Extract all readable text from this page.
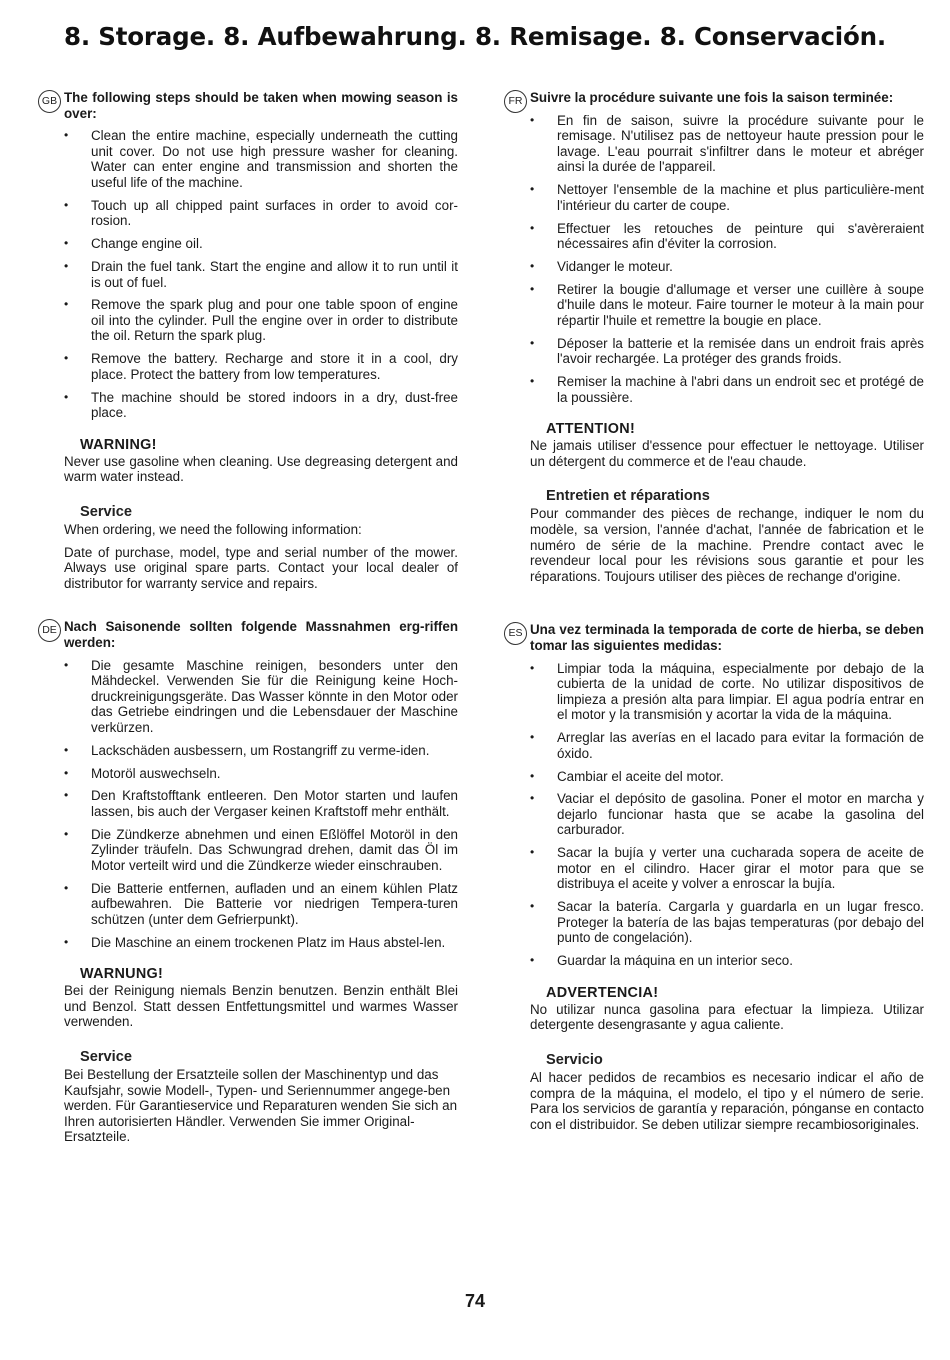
8. Storage. 8. Aufbewahrung. 8. Remisage. 8. Conservación.
GB The following steps should be taken when mowing season is over:

• Clean the entire machine, especially underneath the cutting unit cover. Do not use high pressure washer for cleaning. Water can enter engine and transmission and shorten the useful life of the machine.
• Touch up all chipped paint surfaces in order to avoid cor-rosion.
• Change engine oil.
• Drain the fuel tank. Start the engine and allow it to run until it is out of fuel.
• Remove the spark plug and pour one table spoon of engine oil into the cylinder. Pull the engine over in order to distribute the oil. Return the spark plug.
• Remove the battery. Recharge and store it in a cool, dry place. Protect the battery from low temperatures.
• The machine should be stored indoors in a dry, dust-free place.
WARNING!

Never use gasoline when cleaning. Use degreasing detergent and warm water instead.

Service

When ordering, we need the following information:

Date of purchase, model, type and serial number of the mower. Always use original spare parts. Contact your local dealer of distributor for warranty service and repairs.

DE Nach Saisonende sollten folgende Massnahmen erg-riffen werden:

• Die gesamte Maschine reinigen, besonders unter den Mähdeckel. Verwenden Sie für die Reinigung keine Hoch-druckreinigungsgeräte. Das Wasser könnte in den Motor oder das Getriebe eindringen und die Lebensdauer der Maschine verkürzen.
• Lackschäden ausbessern, um Rostangriff zu verme-iden.
• Motoröl auswechseln.
• Den Kraftstofftank entleeren. Den Motor starten und laufen lassen, bis auch der Vergaser keinen Kraftstoff mehr enthält.
• Die Zündkerze abnehmen und einen Eßlöffel Motoröl in den Zylinder träufeln. Das Schwungrad drehen, damit das Öl im Motor verteilt wird und die Zündkerze wieder einschrauben.
• Die Batterie entfernen, aufladen und an einem kühlen Platz aufbewahren. Die Batterie vor niedrigen Tempera-turen schützen (unter dem Gefrierpunkt).
• Die Maschine an einem trockenen Platz im Haus abstel-len.
WARNUNG!

Bei der Reinigung niemals Benzin benutzen. Benzin enthält Blei und Benzol. Statt dessen Entfettungsmittel und warmes Wasser verwenden.

Service

Bei Bestellung der Ersatzteile sollen der Maschinentyp und das Kaufsjahr, sowie Modell-, Typen- und Seriennummer angege-ben werden. Für Garantieservice und Reparaturen wenden Sie sich an Ihren autorisierten Händler. Verwenden Sie immer Original-Ersatzteile.

FR Suivre la procédure suivante une fois la saison terminée:

• En fin de saison, suivre la procédure suivante pour le remisage. N'utilisez pas de nettoyeur haute pression pour le lavage. L'eau pourrait s'infiltrer dans le moteur et abréger ainsi la durée de l'appareil.
• Nettoyer l'ensemble de la machine et plus particulière-ment l'intérieur du carter de coupe.
• Effectuer les retouches de peinture qui s'avèreraient nécessaires afin d'éviter la corrosion.
• Vidanger le moteur.
• Retirer la bougie d'allumage et verser une cuillère à soupe d'huile dans le moteur. Faire tourner le moteur à la main pour répartir l'huile et remettre la bougie en place.
• Déposer la batterie et la remisée dans un endroit frais après l'avoir rechargée. La protéger des grands froids.
• Remiser la machine à l'abri dans un endroit sec et protégé de la poussière.
ATTENTION!

Ne jamais utiliser d'essence pour effectuer le nettoyage. Utiliser un détergent du commerce et de l'eau chaude.

Entretien et réparations

Pour commander des pièces de rechange, indiquer le nom du modèle, sa version, l'année d'achat, l'année de fabrication et le numéro de série de la machine. Prendre contact avec le revendeur local pour les révisions sous garantie et pour les réparations. Toujours utiliser des pièces de rechange d'origine.

ES Una vez terminada la temporada de corte de hierba, se deben tomar las siguientes medidas:

• Limpiar toda la máquina, especialmente por debajo de la cubierta de la unidad de corte. No utilizar dispositivos de limpieza a presión alta para limpiar. El agua podría entrar en el motor y la transmisión y acortar la vida de la máquina.
• Arreglar las averías en el lacado para evitar la formación de óxido.
• Cambiar el aceite del motor.
• Vaciar el depósito de gasolina. Poner el motor en marcha y dejarlo funcionar hasta que se acabe la gasolina del carburador.
• Sacar la bujía y verter una cucharada sopera de aceite de motor en el cilindro. Hacer girar el motor para que se distribuya el aceite y volver a enroscar la bujía.
• Sacar la batería. Cargarla y guardarla en un lugar fresco. Proteger la batería de las bajas temperaturas (por debajo del punto de congelación).
• Guardar la máquina en un interior seco.
ADVERTENCIA!

No utilizar nunca gasolina para efectuar la limpieza. Utilizar detergente desengrasante y agua caliente.

Servicio

Al hacer pedidos de recambios es necesario indicar el año de compra de la máquina, el modelo, el tipo y el número de serie. Para los servicios de garantía y reparación, pónganse en contacto con el distribuidor. Se deben utilizar siempre recambiosoriginales.

74
